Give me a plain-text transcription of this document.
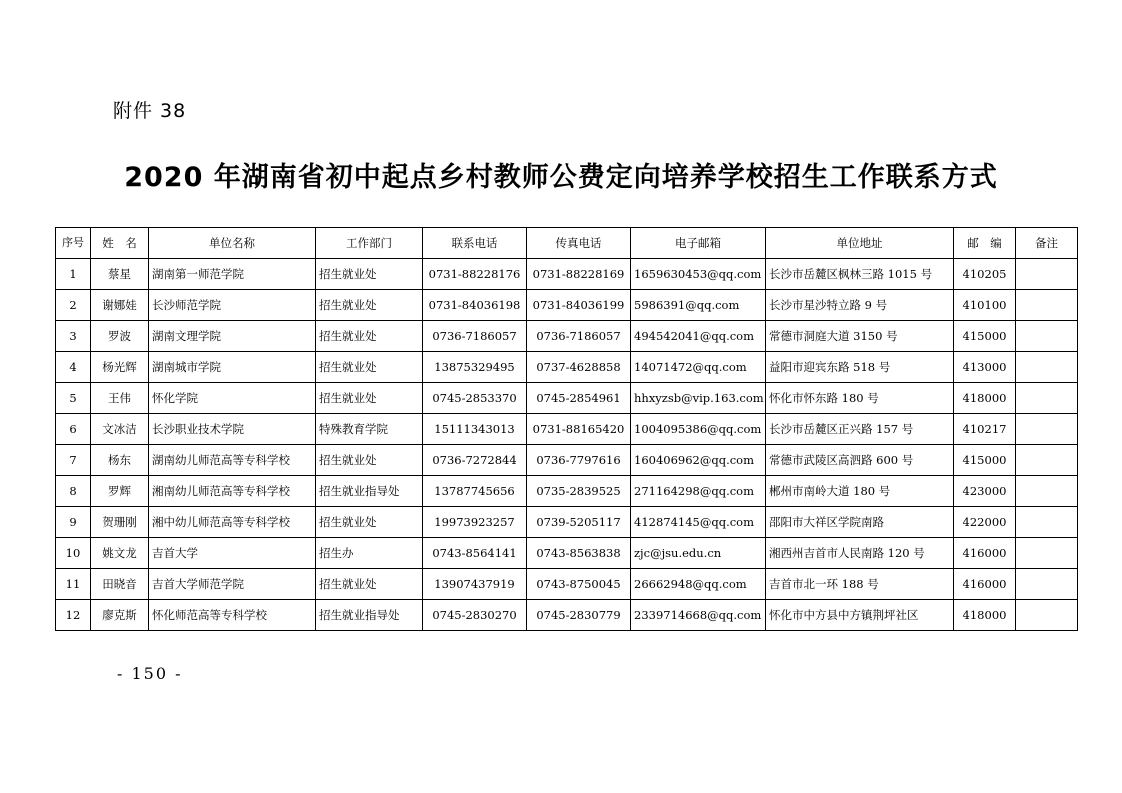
附件 38
2020 年湖南省初中起点乡村教师公费定向培养学校招生工作联系方式
序号	姓　名	单位名称	工作部门	联系电话	传真电话	电子邮箱	单位地址	邮　编	备注
1	蔡星	湖南第一师范学院	招生就业处	0731-88228176	0731-88228169	1659630453@qq.com	长沙市岳麓区枫林三路 1015 号	410205	
2	谢娜娃	长沙师范学院	招生就业处	0731-84036198	0731-84036199	5986391@qq.com	长沙市星沙特立路 9 号	410100	
3	罗波	湖南文理学院	招生就业处	0736-7186057	0736-7186057	494542041@qq.com	常德市洞庭大道 3150 号	415000	
4	杨光辉	湖南城市学院	招生就业处	13875329495	0737-4628858	14071472@qq.com	益阳市迎宾东路 518 号	413000	
5	王伟	怀化学院	招生就业处	0745-2853370	0745-2854961	hhxyzsb@vip.163.com	怀化市怀东路 180 号	418000	
6	文冰洁	长沙职业技术学院	特殊教育学院	15111343013	0731-88165420	1004095386@qq.com	长沙市岳麓区正兴路 157 号	410217	
7	杨东	湖南幼儿师范高等专科学校	招生就业处	0736-7272844	0736-7797616	160406962@qq.com	常德市武陵区高泗路 600 号	415000	
8	罗辉	湘南幼儿师范高等专科学校	招生就业指导处	13787745656	0735-2839525	271164298@qq.com	郴州市南岭大道 180 号	423000	
9	贺珊刚	湘中幼儿师范高等专科学校	招生就业处	19973923257	0739-5205117	412874145@qq.com	邵阳市大祥区学院南路	422000	
10	姚文龙	吉首大学	招生办	0743-8564141	0743-8563838	zjc@jsu.edu.cn	湘西州吉首市人民南路 120 号	416000	
11	田晓音	吉首大学师范学院	招生就业处	13907437919	0743-8750045	26662948@qq.com	吉首市北一环 188 号	416000	
12	廖克斯	怀化师范高等专科学校	招生就业指导处	0745-2830270	0745-2830779	2339714668@qq.com	怀化市中方县中方镇荆坪社区	418000	
- 150 -
